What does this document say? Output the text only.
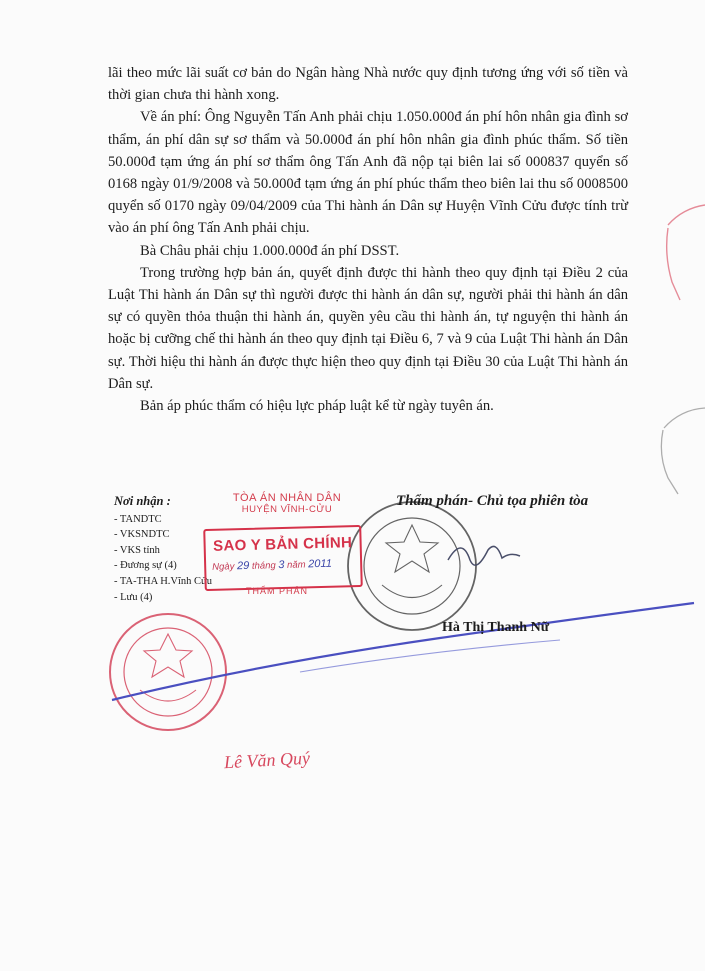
lãi theo mức lãi suất cơ bản do Ngân hàng Nhà nước quy định tương ứng với số tiền và thời gian chưa thi hành xong.

Về án phí: Ông Nguyễn Tấn Anh phải chịu 1.050.000đ án phí hôn nhân gia đình sơ thẩm, án phí dân sự sơ thẩm và 50.000đ án phí hôn nhân gia đình phúc thẩm. Số tiền 50.000đ tạm ứng án phí sơ thẩm ông Tấn Anh đã nộp tại biên lai số 000837 quyển số 0168 ngày 01/9/2008 và 50.000đ tạm ứng án phí phúc thẩm theo biên lai thu số 0008500 quyển số 0170 ngày 09/04/2009 của Thi hành án Dân sự Huyện Vĩnh Cửu được tính trừ vào án phí ông Tấn Anh phải chịu.

Bà Châu phải chịu 1.000.000đ án phí DSST.

Trong trường hợp bản án, quyết định được thi hành theo quy định tại Điều 2 của Luật Thi hành án Dân sự thì người được thi hành án dân sự, người phải thi hành án dân sự có quyền thỏa thuận thi hành án, quyền yêu cầu thi hành án, tự nguyện thi hành án hoặc bị cưỡng chế thi hành án theo quy định tại Điều 6, 7 và 9 của Luật Thi hành án Dân sự. Thời hiệu thi hành án được thực hiện theo quy định tại Điều 30 của Luật Thi hành án Dân sự.

Bản áp phúc thẩm có hiệu lực pháp luật kể từ ngày tuyên án.

Nơi nhận :
- TANDTC
- VKSNDTC
- VKS tỉnh
- Đương sự (4)
- TA-THA H.Vĩnh Cửu
- Lưu (4)
TÒA ÁN NHÂN DÂN
HUYỆN VĨNH-CỬU
SAO Y BẢN CHÍNH
Ngày 29 tháng 3 năm 2011
THẨM PHÁN
Thẩm phán- Chủ tọa phiên tòa
Hà Thị Thanh Nữ
Lê Văn Quý
